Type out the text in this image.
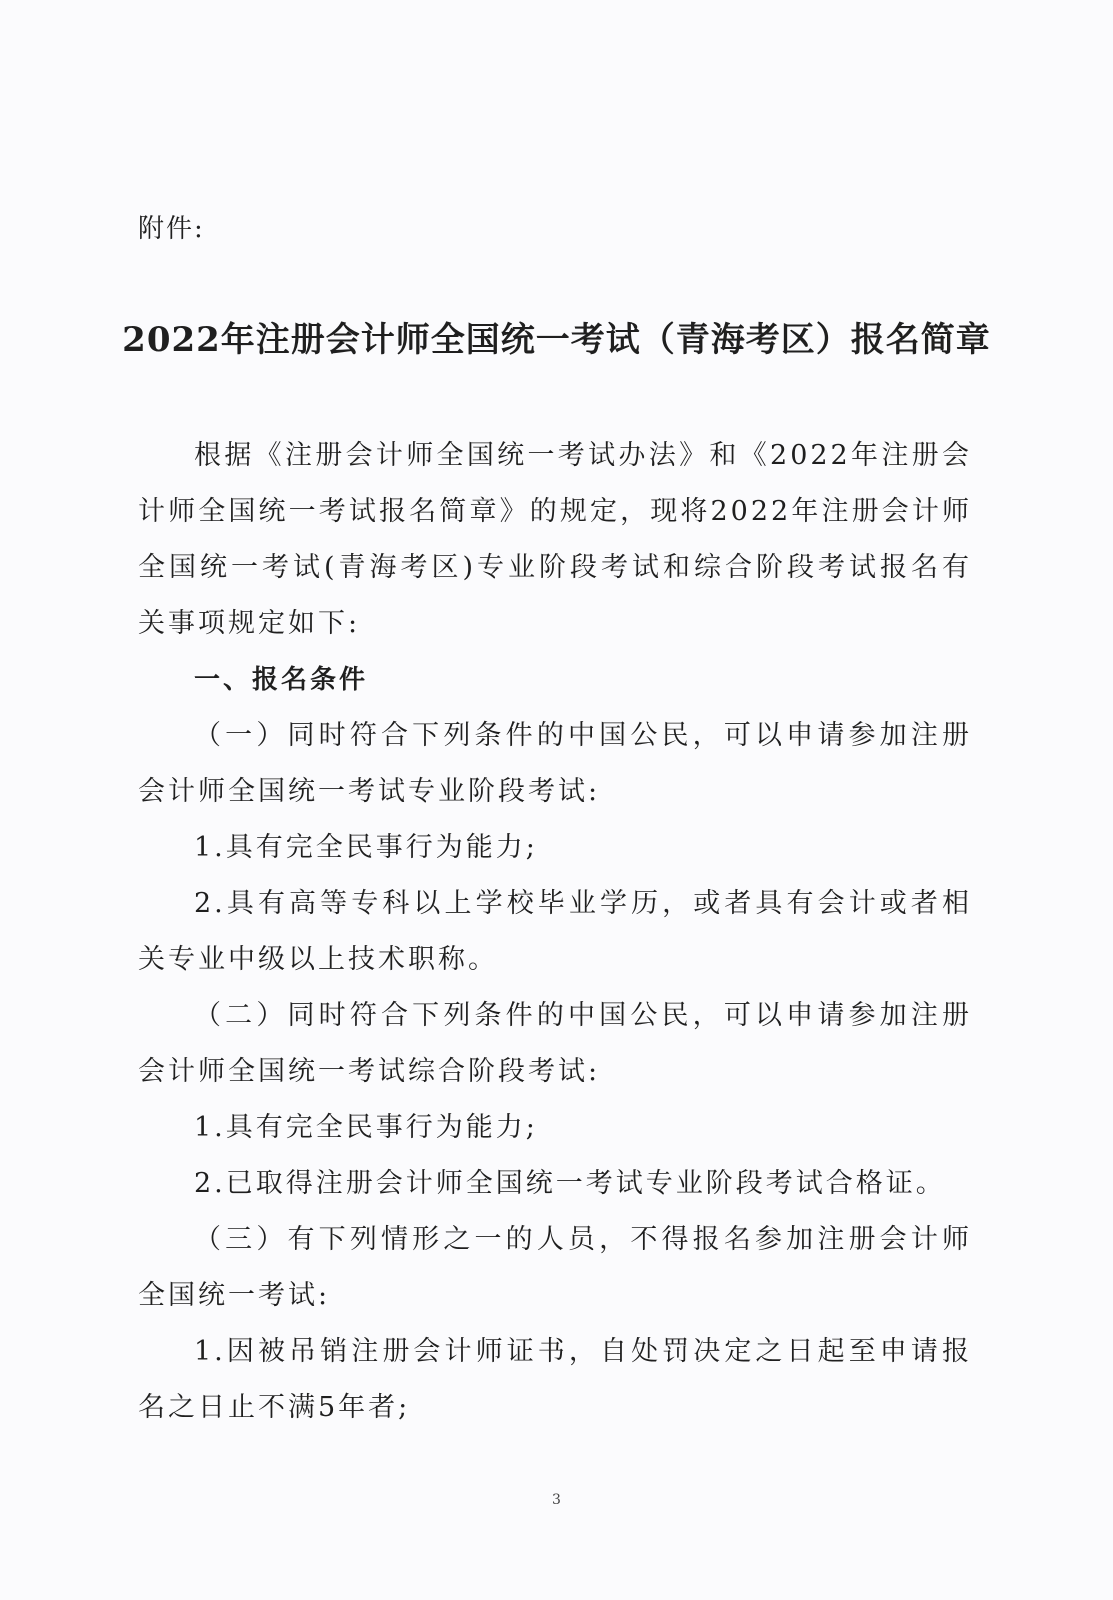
附件:
2022年注册会计师全国统一考试（青海考区）报名简章

根据《注册会计师全国统一考试办法》和《2022年注册会计师全国统一考试报名简章》的规定，现将2022年注册会计师全国统一考试(青海考区)专业阶段考试和综合阶段考试报名有关事项规定如下:

一、报名条件

（一）同时符合下列条件的中国公民，可以申请参加注册会计师全国统一考试专业阶段考试:

1.具有完全民事行为能力;

2.具有高等专科以上学校毕业学历，或者具有会计或者相关专业中级以上技术职称。

（二）同时符合下列条件的中国公民，可以申请参加注册会计师全国统一考试综合阶段考试:

1.具有完全民事行为能力;

2.已取得注册会计师全国统一考试专业阶段考试合格证。

（三）有下列情形之一的人员，不得报名参加注册会计师全国统一考试:

1.因被吊销注册会计师证书，自处罚决定之日起至申请报名之日止不满5年者;

3
